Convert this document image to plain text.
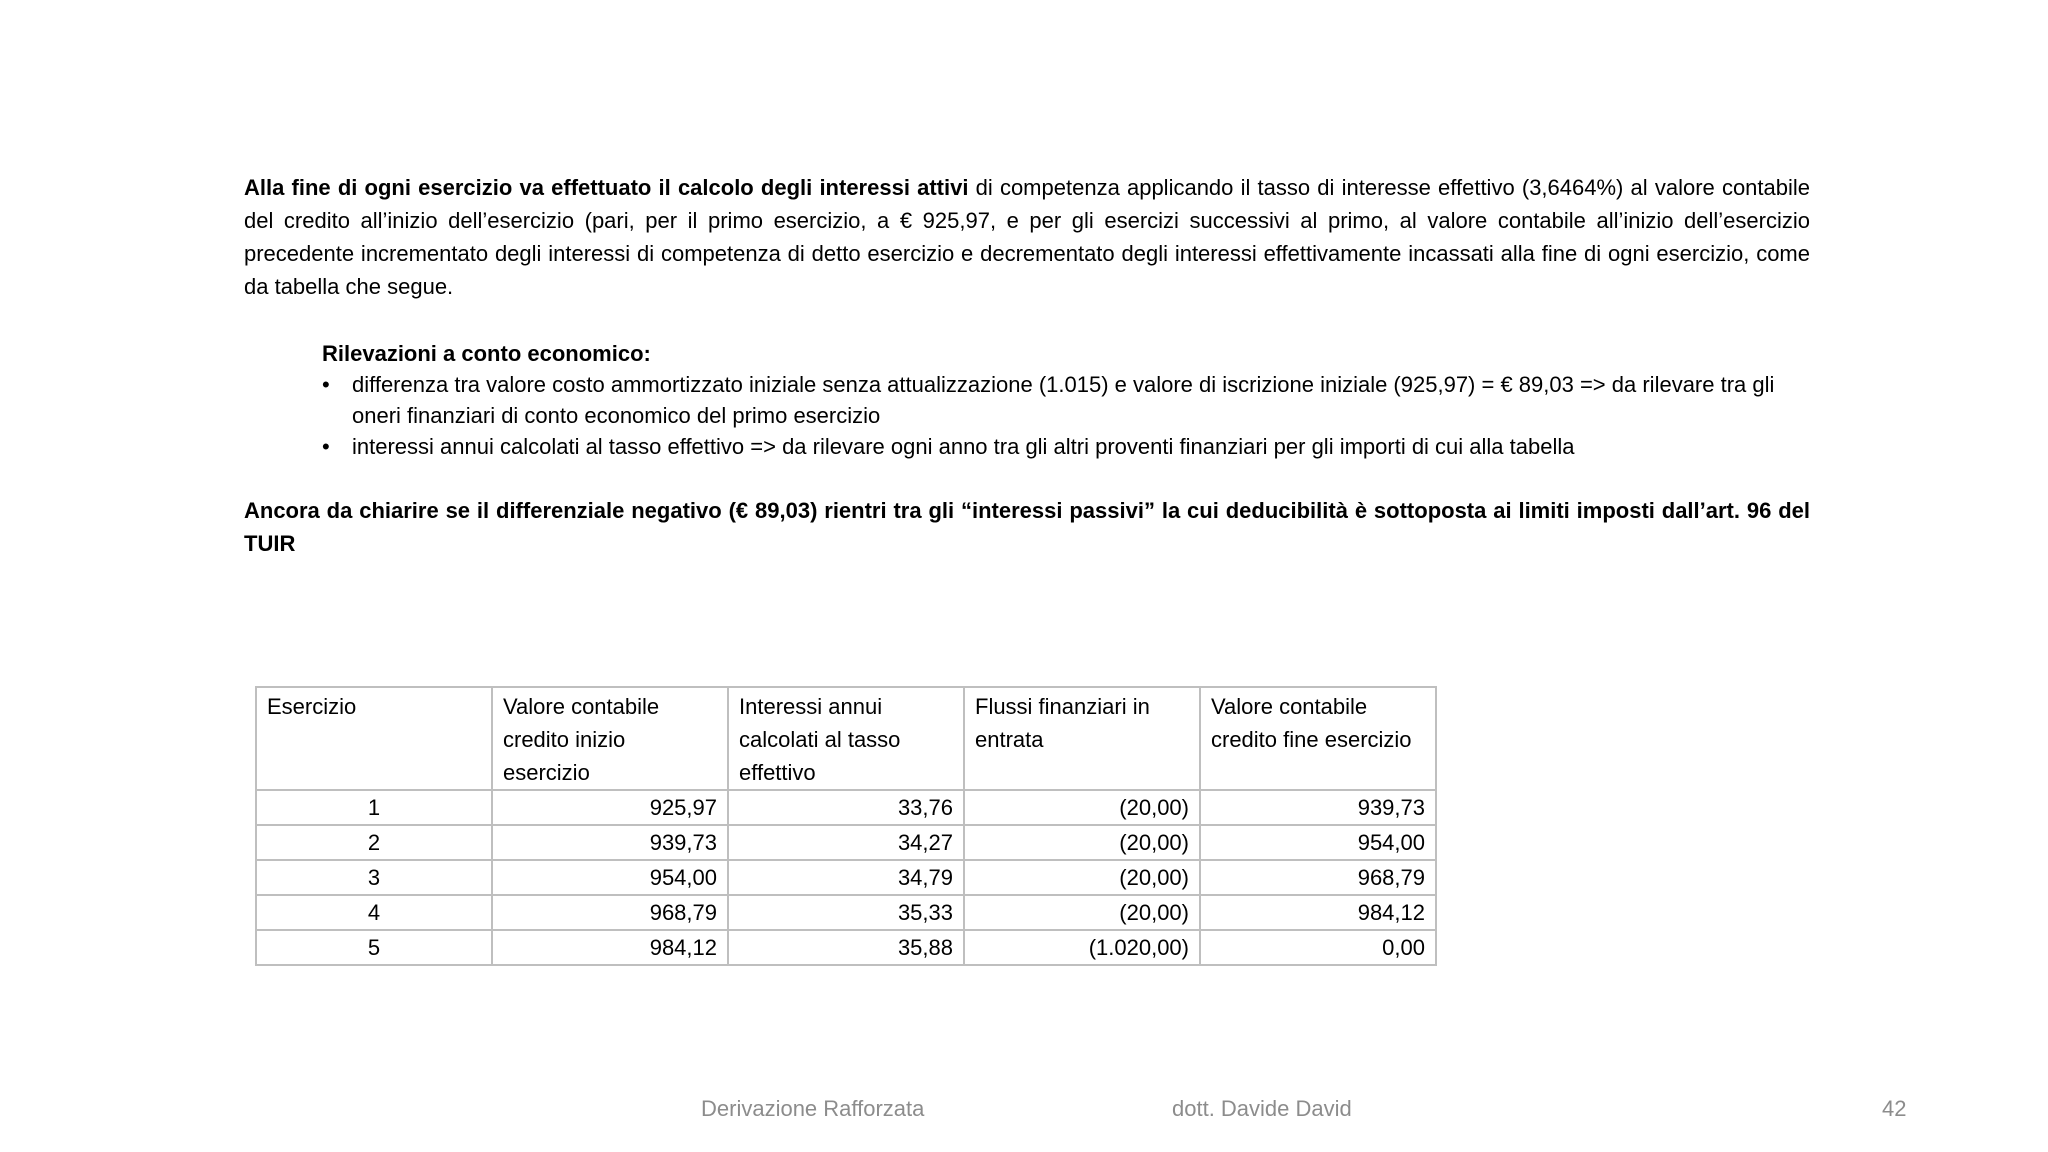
Alla fine di ogni esercizio va effettuato il calcolo degli interessi attivi di competenza applicando il tasso di interesse effettivo (3,6464%) al valore contabile del credito all’inizio dell’esercizio (pari, per il primo esercizio, a € 925,97, e per gli esercizi successivi al primo, al valore contabile all’inizio dell’esercizio precedente incrementato degli interessi di competenza di detto esercizio e decrementato degli interessi effettivamente incassati alla fine di ogni esercizio, come da tabella che segue.

Rilevazioni a conto economico:

• differenza tra valore costo ammortizzato iniziale senza attualizzazione (1.015) e valore di iscrizione iniziale (925,97) = € 89,03 => da rilevare tra gli oneri finanziari di conto economico del primo esercizio
• interessi annui calcolati al tasso effettivo => da rilevare ogni anno tra gli altri proventi finanziari per gli importi di cui alla tabella

Ancora da chiarire se il differenziale negativo (€ 89,03) rientri tra gli “interessi passivi” la cui deducibilità è sottoposta ai limiti imposti dall’art. 96 del TUIR

Esercizio	Valore contabile credito inizio esercizio	Interessi annui calcolati al tasso effettivo	Flussi finanziari in entrata	Valore contabile credito fine esercizio
1	925,97	33,76	(20,00)	939,73
2	939,73	34,27	(20,00)	954,00
3	954,00	34,79	(20,00)	968,79
4	968,79	35,33	(20,00)	984,12
5	984,12	35,88	(1.020,00)	0,00
Derivazione Rafforzata	dott. Davide David	42
